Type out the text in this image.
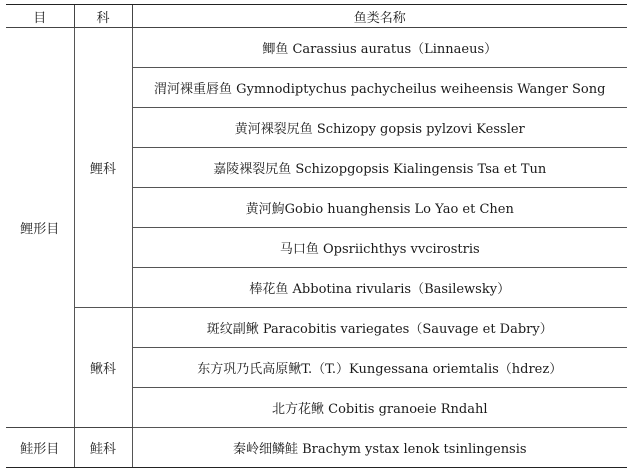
目	科	鱼类名称
鲤形目	鲤科	鲫鱼 Carassius auratus（Linnaeus）
		渭河裸重唇鱼 Gymnodiptychus pachycheilus weiheensis Wanger Song
		黄河裸裂尻鱼 Schizopy gopsis pylzovi Kessler
		嘉陵裸裂尻鱼 Schizopgopsis Kialingensis Tsa et Tun
		黄河鮈Gobio huanghensis Lo Yao et Chen
		马口鱼 Opsriichthys vvcirostris
		棒花鱼 Abbotina rivularis（Basilewsky）
	鳅科	斑纹副鳅 Paracobitis variegates（Sauvage et Dabry）
		东方巩乃氏高原鳅T.（T.）Kungessana oriemtalis（hdrez）
		北方花鳅 Cobitis granoeie Rndahl
鲑形目	鲑科	秦岭细鳞鲑 Brachym ystax lenok tsinlingensis
